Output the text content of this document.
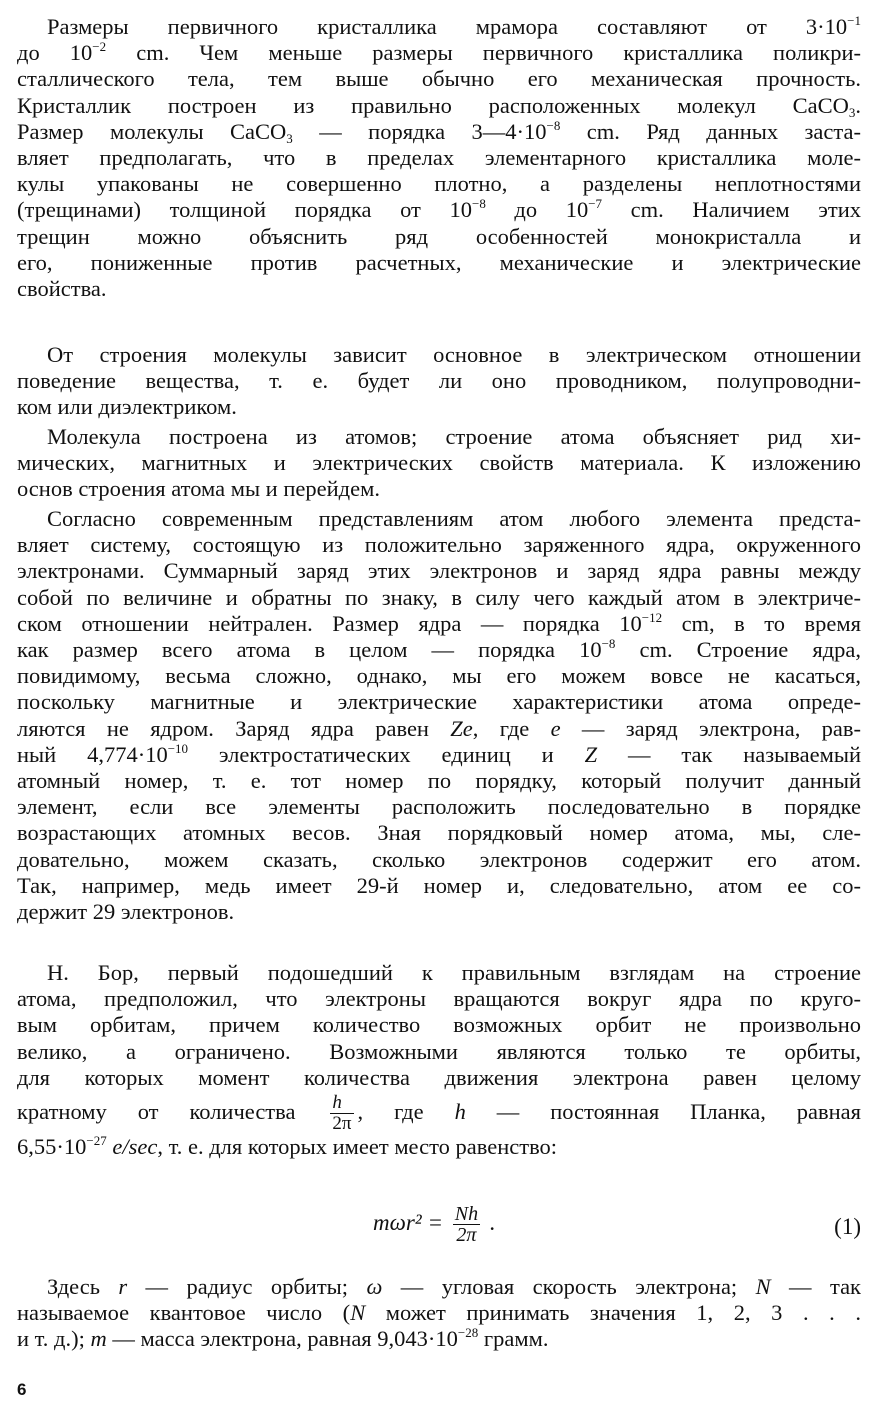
Размеры первичного кристаллика мрамора составляют от $3\cdot 10^{-1}$
до $10^{-2}$ cm. Чем меньше размеры первичного кристаллика поликри-
сталлического тела, тем выше обычно его механическая прочность.
Кристаллик построен из правильно расположенных молекул CaCO$_3$.
Размер молекулы CaCO$_3$ — порядка $3—4\cdot 10^{-8}$ cm. Ряд данных заста-
вляет предполагать, что в пределах элементарного кристаллика моле-
кулы упакованы не совершенно плотно, а разделены неплотностями
(трещинами) толщиной порядка от $10^{-8}$ до $10^{-7}$ cm. Наличием этих
трещин можно объяснить ряд особенностей монокристалла и
его, пониженные против расчетных, механические и электрические
свойства.
От строения молекулы зависит основное в электрическом отношении
поведение вещества, т. е. будет ли оно проводником, полупроводни-
ком или диэлектриком.
Молекула построена из атомов; строение атома объясняет рид хи-
мических, магнитных и электрических свойств материала. К изложению
основ строения атома мы и перейдем.
Согласно современным представлениям атом любого элемента предста-
вляет систему, состоящую из положительно заряженного ядра, окруженного
электронами. Суммарный заряд этих электронов и заряд ядра равны между
собой по величине и обратны по знаку, в силу чего каждый атом в электриче-
ском отношении нейтрален. Размер ядра — порядка $10^{-12}$ cm, в то время
как размер всего атома в целом — порядка $10^{-8}$ cm. Строение ядра,
повидимому, весьма сложно, однако, мы его можем вовсе не касаться,
поскольку магнитные и электрические характеристики атома опреде-
ляются не ядром. Заряд ядра равен Ze, где e — заряд электрона, рав-
ный $4,774\cdot 10^{-10}$ электростатических единиц и Z — так называемый
атомный номер, т. е. тот номер по порядку, который получит данный
элемент, если все элементы расположить последовательно в порядке
возрастающих атомных весов. Зная порядковый номер атома, мы, сле-
довательно, можем сказать, сколько электронов содержит его атом.
Так, например, медь имеет 29-й номер и, следовательно, атом ее со-
держит 29 электронов.
Н. Бор, первый подошедший к правильным взглядам на строение
атома, предположил, что электроны вращаются вокруг ядра по круго-
вым орбитам, причем количество возможных орбит не произвольно
велико, а ограничено. Возможными являются только те орбиты,
для которых момент количества движения электрона равен целому
кратному от количества $\frac{h}{2\pi}$ , где h — постоянная Планка, равная
$6,55\cdot 10^{-27}$ e/sec, т. е. для которых имеет место равенство:
$m\omega r^2 = \frac{Nh}{2\pi}$ .	(1)
Здесь r — радиус орбиты; ω — угловая скорость электрона; N — так
называемое квантовое число (N может принимать значения 1, 2, 3 . . .
и т. д.); m — масса электрона, равная $9,043\cdot 10^{-28}$ грамм.
6
